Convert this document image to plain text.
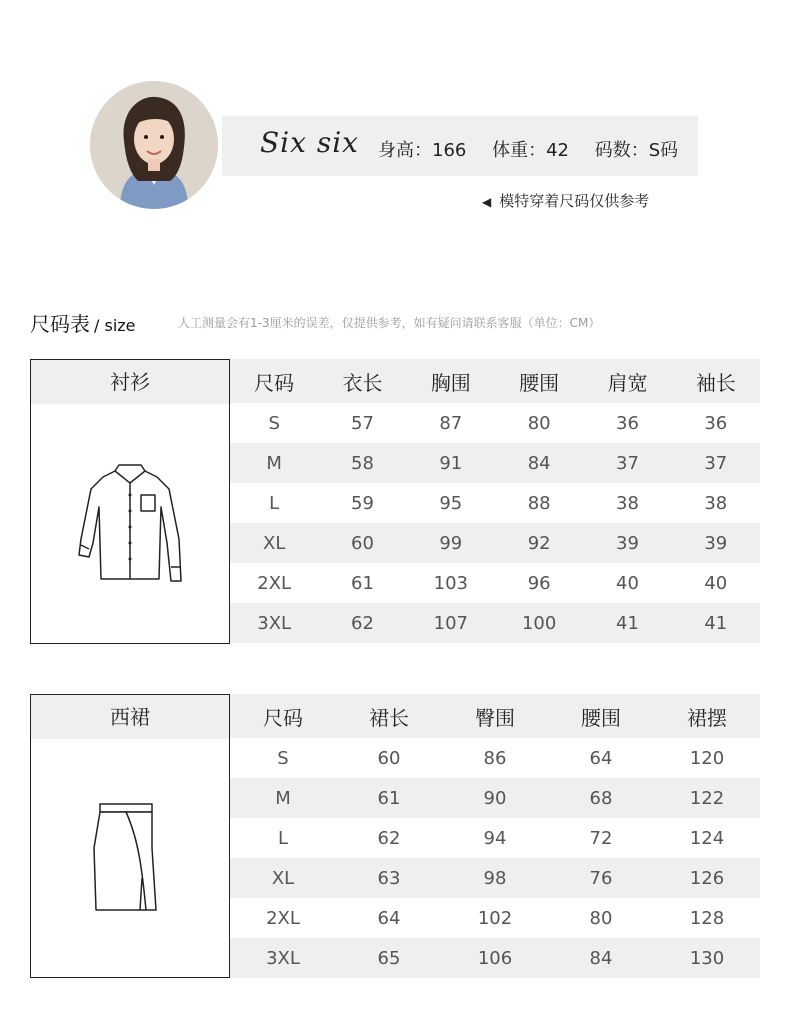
Six six 身高：166 体重：42 码数：S码
◀ 模特穿着尺码仅供参考
尺码表 / size	人工测量会有1-3厘米的误差，仅提供参考，如有疑问请联系客服（单位：CM）
衬衫	尺码	衣长	胸围	腰围	肩宽	袖长
S	57	87	80	36	36
M	58	91	84	37	37
L	59	95	88	38	38
XL	60	99	92	39	39
2XL	61	103	96	40	40
3XL	62	107	100	41	41
西裙	尺码	裙长	臀围	腰围	裙摆
S	60	86	64	120
M	61	90	68	122
L	62	94	72	124
XL	63	98	76	126
2XL	64	102	80	128
3XL	65	106	84	130
